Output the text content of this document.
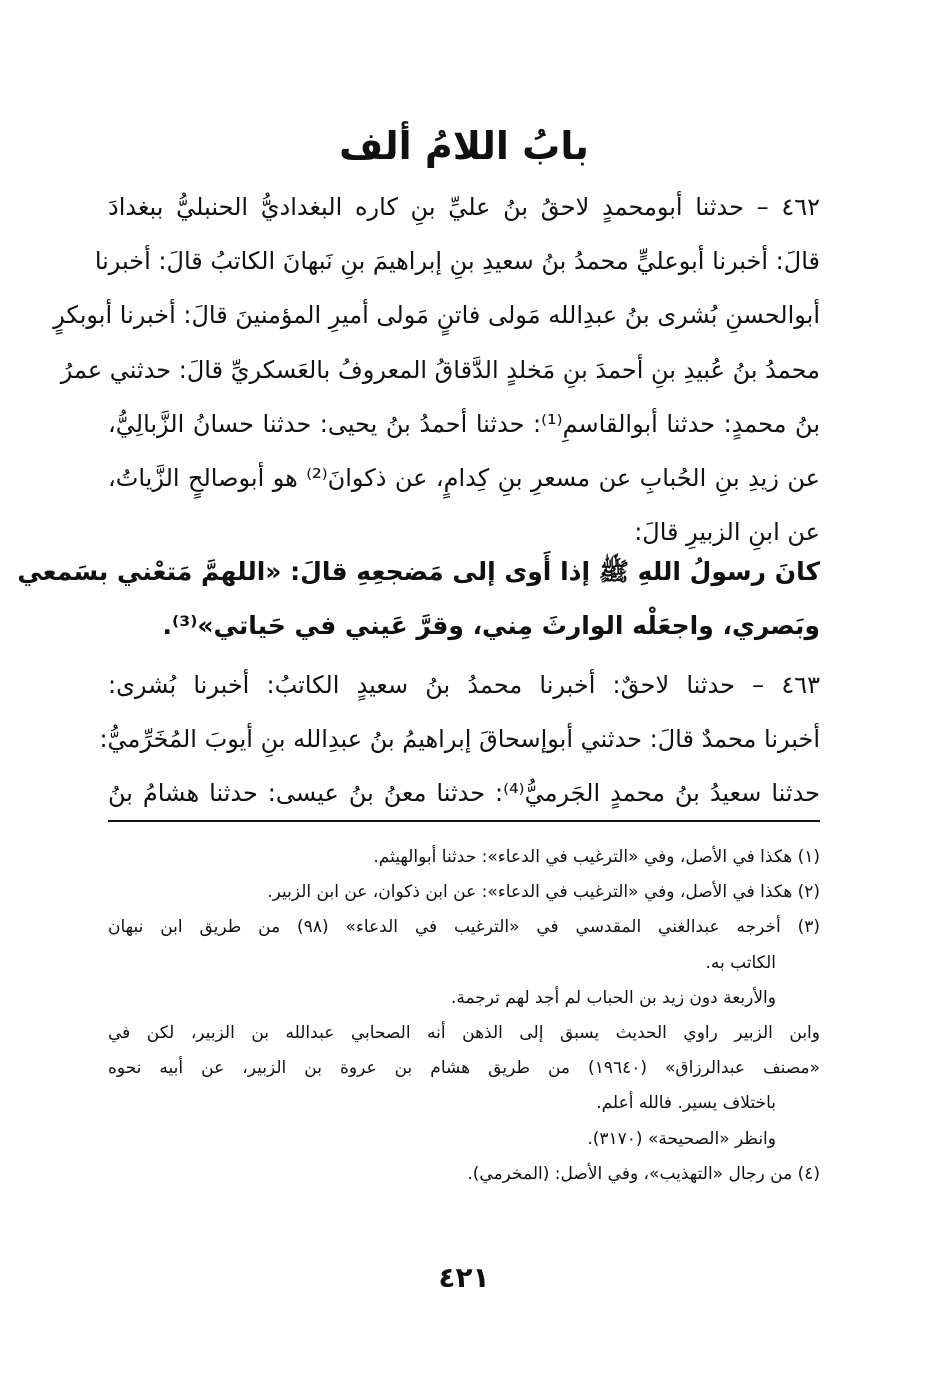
بابُ اللامُ ألف
٤٦٢ – حدثنا أبومحمدٍ لاحقُ بنُ عليِّ بنِ كاره البغداديُّ الحنبليُّ ببغدادَ
قالَ: أخبرنا أبوعليٍّ محمدُ بنُ سعيدِ بنِ إبراهيمَ بنِ نَبهانَ الكاتبُ قالَ: أخبرنا
أبوالحسنِ بُشرى بنُ عبدِالله مَولى فاتنٍ مَولى أميرِ المؤمنينَ قالَ: أخبرنا أبوبكرٍ
محمدُ بنُ عُبيدِ بنِ أحمدَ بنِ مَخلدٍ الدَّقاقُ المعروفُ بالعَسكريِّ قالَ: حدثني عمرُ
بنُ محمدٍ: حدثنا أبوالقاسمِ⁽¹⁾: حدثنا أحمدُ بنُ يحيى: حدثنا حسانُ الزَّبالِيُّ،
عن زيدِ بنِ الحُبابِ عن مسعرِ بنِ كِدامٍ، عن ذكوانَ⁽²⁾ هو أبوصالحٍ الزَّياتُ،
عن ابنِ الزبيرِ قالَ:
كانَ رسولُ اللهِ ﷺ إذا أَوى إلى مَضجعِهِ قالَ: «اللهمَّ مَتعْني بسَمعي
وبَصري، واجعَلْه الوارثَ مِني، وقرَّ عَيني في حَياتي»⁽³⁾.
٤٦٣ – حدثنا لاحقٌ: أخبرنا محمدُ بنُ سعيدٍ الكاتبُ: أخبرنا بُشرى:
أخبرنا محمدٌ قالَ: حدثني أبوإسحاقَ إبراهيمُ بنُ عبدِالله بنِ أيوبَ المُخَرِّميُّ:
حدثنا سعيدُ بنُ محمدٍ الجَرميُّ⁽⁴⁾: حدثنا معنُ بنُ عيسى: حدثنا هشامُ بنُ
(١) هكذا في الأصل، وفي «الترغيب في الدعاء»: حدثنا أبوالهيثم.
(٢) هكذا في الأصل، وفي «الترغيب في الدعاء»: عن ابن ذكوان، عن ابن الزبير.
(٣) أخرجه عبدالغني المقدسي في «الترغيب في الدعاء» (٩٨) من طريق ابن نبهان
الكاتب به.
والأربعة دون زيد بن الحباب لم أجد لهم ترجمة.
وابن الزبير راوي الحديث يسبق إلى الذهن أنه الصحابي عبدالله بن الزبير، لكن في
«مصنف عبدالرزاق» (١٩٦٤٠) من طريق هشام بن عروة بن الزبير، عن أبيه نحوه
باختلاف يسير. فالله أعلم.
وانظر «الصحيحة» (٣١٧٠).
(٤) من رجال «التهذيب»، وفي الأصل: (المخرمي).
٤٢١
